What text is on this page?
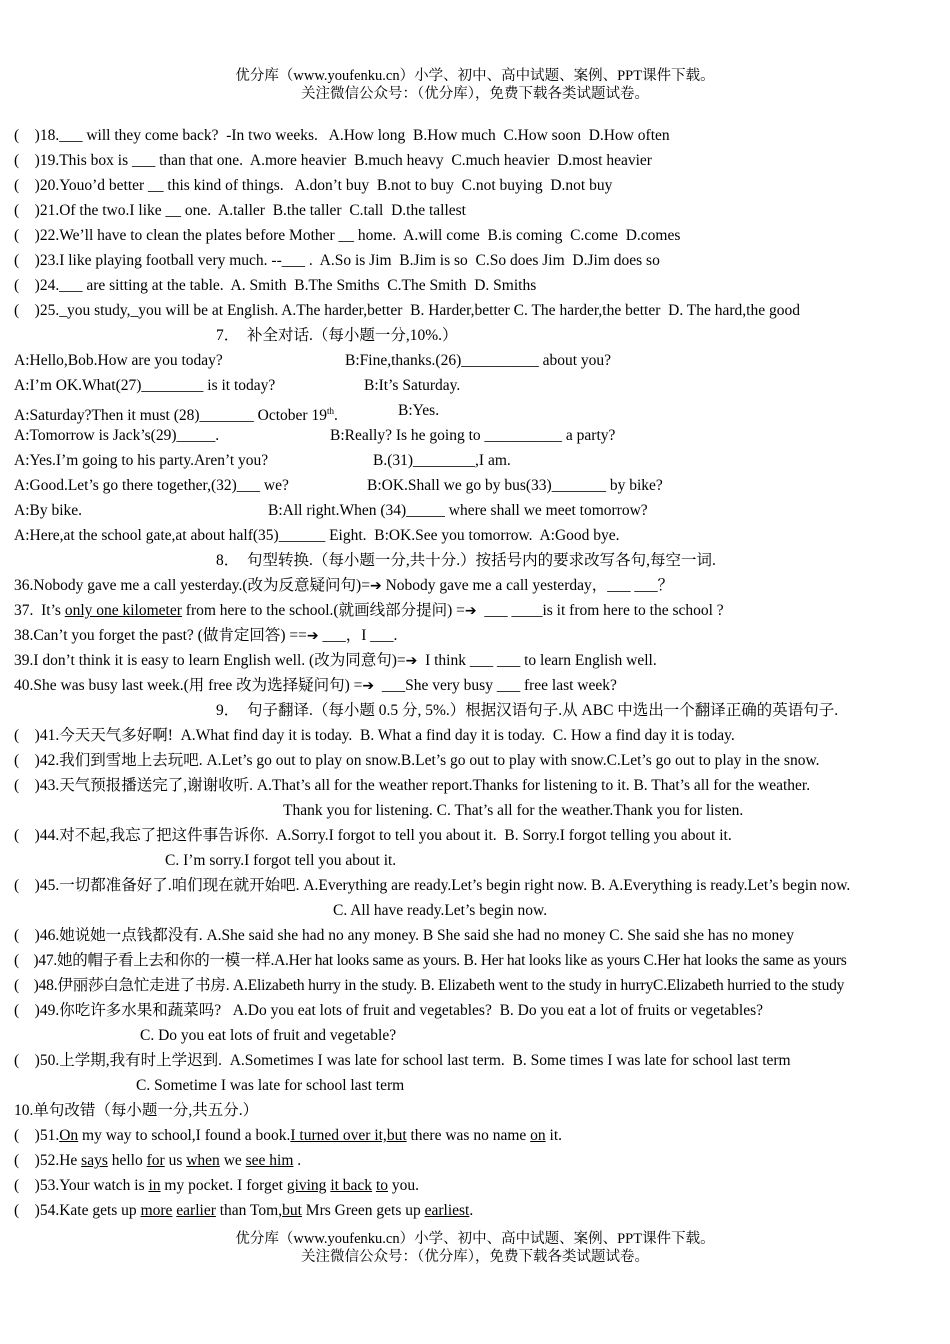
优分库（www.youfenku.cn）小学、初中、高中试题、案例、PPT课件下载。
关注微信公众号：（优分库），免费下载各类试题试卷。
(    )18.___ will they come back?  -In two weeks.   A.How long  B.How much  C.How soon  D.How often
(    )19.This box is ___ than that one.  A.more heavier  B.much heavy  C.much heavier  D.most heavier
(    )20.Youo’d better __ this kind of things.   A.don’t buy  B.not to buy  C.not buying  D.not buy
(    )21.Of the two.I like __ one.  A.taller  B.the taller  C.tall  D.the tallest
(    )22.We’ll have to clean the plates before Mother __ home.  A.will come  B.is coming  C.come  D.comes
(    )23.I like playing football very much. --___ .  A.So is Jim  B.Jim is so  C.So does Jim  D.Jim does so
(    )24.___ are sitting at the table.  A. Smith  B.The Smiths  C.The Smith  D. Smiths
(    )25._you study,_you will be at English. A.The harder,better  B. Harder,better C. The harder,the better  D. The hard,the good
7．  补全对话.（每小题一分,10%.）
A:Hello,Bob.How are you today?	B:Fine,thanks.(26)__________ about you?
A:I’m OK.What(27)________ is it today?	B:It’s Saturday.
A:Saturday?Then it must (28)_______ October 19th.	B:Yes.
A:Tomorrow is Jack’s(29)_____.	B:Really? Is he going to __________ a party?
A:Yes.I’m going to his party.Aren’t you?	B.(31)________,I am.
A:Good.Let’s go there together,(32)___ we?	B:OK.Shall we go by bus(33)_______ by bike?
A:By bike.	B:All right.When (34)_____ where shall we meet tomorrow?
A:Here,at the school gate,at about half(35)______ Eight.  B:OK.See you tomorrow.  A:Good bye.
8．  句型转换.（每小题一分,共十分.）按括号内的要求改写各句,每空一词.
36.Nobody gave me a call yesterday.(改为反意疑问句)=➔ Nobody gave me a call yesterday，___ ___？
37.  It’s only one kilometer from here to the school.(就画线部分提问) =➔  ___ ____is it from here to the school ?
38.Can’t you forget the past? (做肯定回答) ==➔ ___，I ___.
39.I don’t think it is easy to learn English well. (改为同意句)=➔  I think ___ ___ to learn English well.
40.She was busy last week.(用 free 改为选择疑问句) =➔  ___She very busy ___ free last week?
9．  句子翻译.（每小题 0.5 分, 5%.）根据汉语句子.从 ABC 中选出一个翻译正确的英语句子.
(    )41.今天天气多好啊!  A.What find day it is today.  B. What a find day it is today.  C. How a find day it is today.
(    )42.我们到雪地上去玩吧. A.Let’s go out to play on snow.B.Let’s go out to play with snow.C.Let’s go out to play in the snow.
(    )43.天气预报播送完了,谢谢收听. A.That’s all for the weather report.Thanks for listening to it. B. That’s all for the weather.
Thank you for listening. C. That’s all for the weather.Thank you for listen.
(    )44.对不起,我忘了把这件事告诉你.  A.Sorry.I forgot to tell you about it.  B. Sorry.I forgot telling you about it.
C. I’m sorry.I forgot tell you about it.
(    )45.一切都准备好了.咱们现在就开始吧. A.Everything are ready.Let’s begin right now. B. A.Everything is ready.Let’s begin now.
C. All have ready.Let’s begin now.
(    )46.她说她一点钱都没有. A.She said she had no any money. B She said she had no money C. She said she has no money
(    )47.她的帽子看上去和你的一模一样.A.Her hat looks same as yours. B. Her hat looks like as yours C.Her hat looks the same as yours
(    )48.伊丽莎白急忙走进了书房. A.Elizabeth hurry in the study. B. Elizabeth went to the study in hurryC.Elizabeth hurried to the study
(    )49.你吃许多水果和蔬菜吗?   A.Do you eat lots of fruit and vegetables?  B. Do you eat a lot of fruits or vegetables?
C. Do you eat lots of fruit and vegetable?
(    )50.上学期,我有时上学迟到.  A.Sometimes I was late for school last term.  B. Some times I was late for school last term
C. Sometime I was late for school last term
10.单句改错（每小题一分,共五分.）
(    )51.On my way to school,I found a book.I turned over it,but there was no name on it.
(    )52.He says hello for us when we see him .
(    )53.Your watch is in my pocket. I forget giving it back to you.
(    )54.Kate gets up more earlier than Tom,but Mrs Green gets up earliest.
优分库（www.youfenku.cn）小学、初中、高中试题、案例、PPT课件下载。
关注微信公众号：（优分库），免费下载各类试题试卷。
